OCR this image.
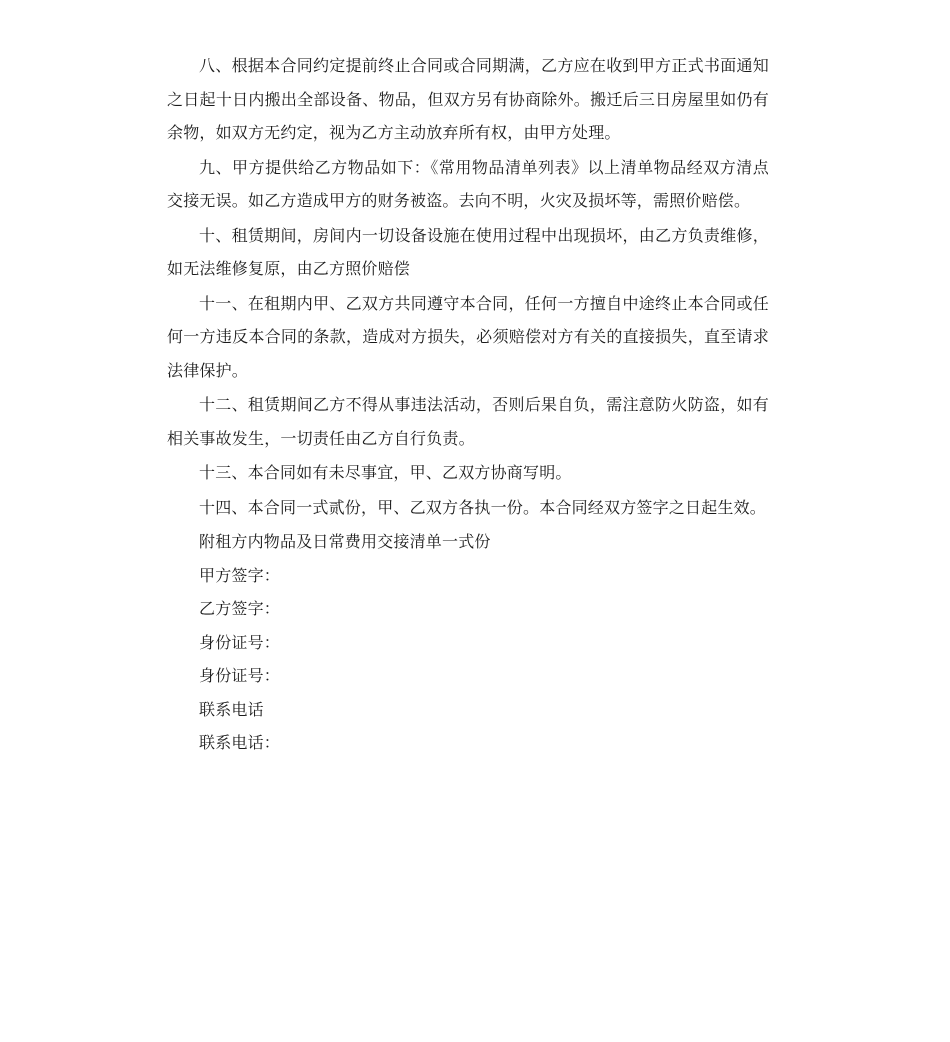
八、根据本合同约定提前终止合同或合同期满，乙方应在收到甲方正式书面通知之日起十日内搬出全部设备、物品，但双方另有协商除外。搬迁后三日房屋里如仍有余物，如双方无约定，视为乙方主动放弃所有权，由甲方处理。

九、甲方提供给乙方物品如下：《常用物品清单列表》以上清单物品经双方清点交接无误。如乙方造成甲方的财务被盗。去向不明，火灾及损坏等，需照价赔偿。

十、租赁期间，房间内一切设备设施在使用过程中出现损坏，由乙方负责维修，如无法维修复原，由乙方照价赔偿

十一、在租期内甲、乙双方共同遵守本合同，任何一方擅自中途终止本合同或任何一方违反本合同的条款，造成对方损失，必须赔偿对方有关的直接损失，直至请求法律保护。

十二、租赁期间乙方不得从事违法活动，否则后果自负，需注意防火防盗，如有相关事故发生，一切责任由乙方自行负责。

十三、本合同如有未尽事宜，甲、乙双方协商写明。

十四、本合同一式贰份，甲、乙双方各执一份。本合同经双方签字之日起生效。

附租方内物品及日常费用交接清单一式份

甲方签字：

乙方签字：

身份证号：

身份证号：

联系电话

联系电话：
